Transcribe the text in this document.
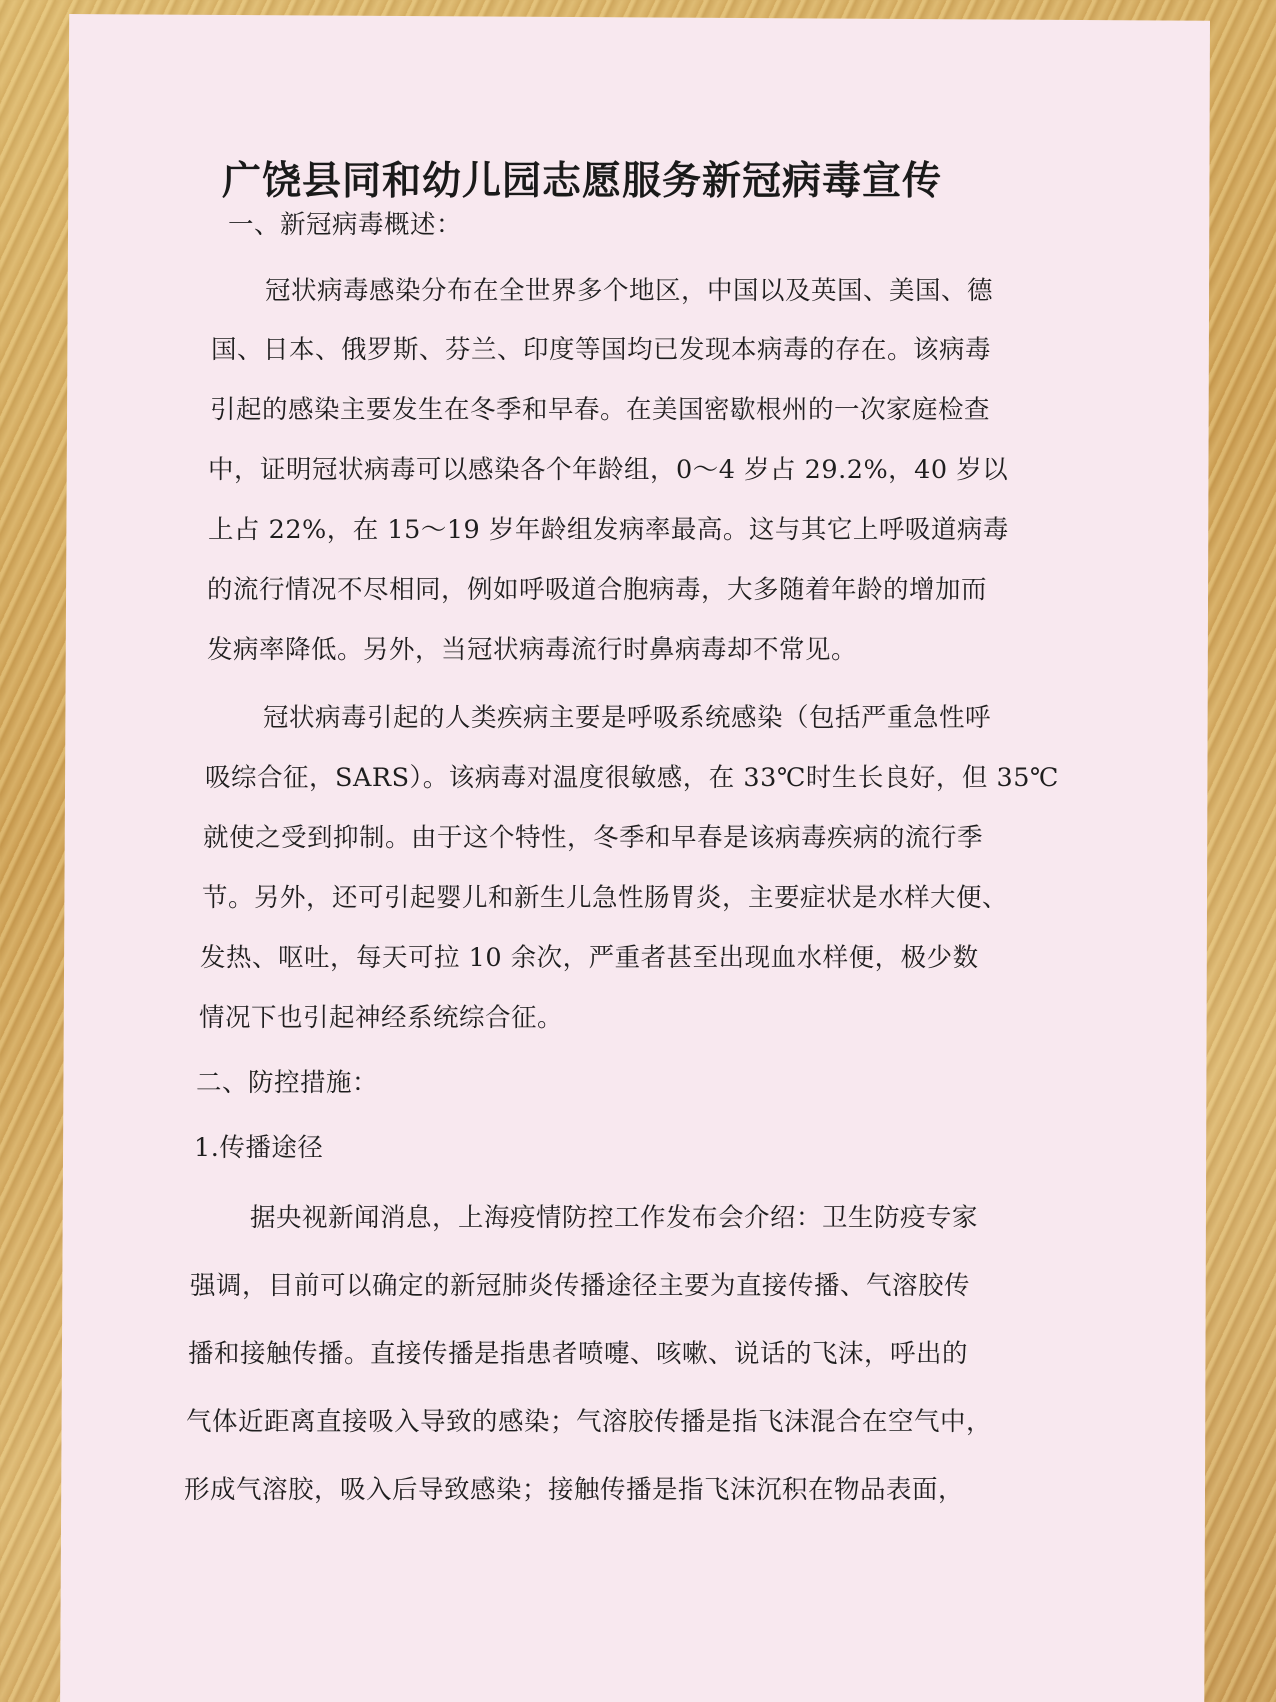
广饶县同和幼儿园志愿服务新冠病毒宣传
一、新冠病毒概述：
冠状病毒感染分布在全世界多个地区，中国以及英国、美国、德
国、日本、俄罗斯、芬兰、印度等国均已发现本病毒的存在。该病毒
引起的感染主要发生在冬季和早春。在美国密歇根州的一次家庭检查
中，证明冠状病毒可以感染各个年龄组，0～4 岁占 29.2%，40 岁以
上占 22%，在 15～19 岁年龄组发病率最高。这与其它上呼吸道病毒
的流行情况不尽相同，例如呼吸道合胞病毒，大多随着年龄的增加而
发病率降低。另外，当冠状病毒流行时鼻病毒却不常见。
冠状病毒引起的人类疾病主要是呼吸系统感染（包括严重急性呼
吸综合征，SARS）。该病毒对温度很敏感，在 33℃时生长良好，但 35℃
就使之受到抑制。由于这个特性，冬季和早春是该病毒疾病的流行季
节。另外，还可引起婴儿和新生儿急性肠胃炎，主要症状是水样大便、
发热、呕吐，每天可拉 10 余次，严重者甚至出现血水样便，极少数
情况下也引起神经系统综合征。
二、防控措施：
1.传播途径
据央视新闻消息，上海疫情防控工作发布会介绍：卫生防疫专家
强调，目前可以确定的新冠肺炎传播途径主要为直接传播、气溶胶传
播和接触传播。直接传播是指患者喷嚏、咳嗽、说话的飞沫，呼出的
气体近距离直接吸入导致的感染；气溶胶传播是指飞沫混合在空气中，
形成气溶胶，吸入后导致感染；接触传播是指飞沫沉积在物品表面，
